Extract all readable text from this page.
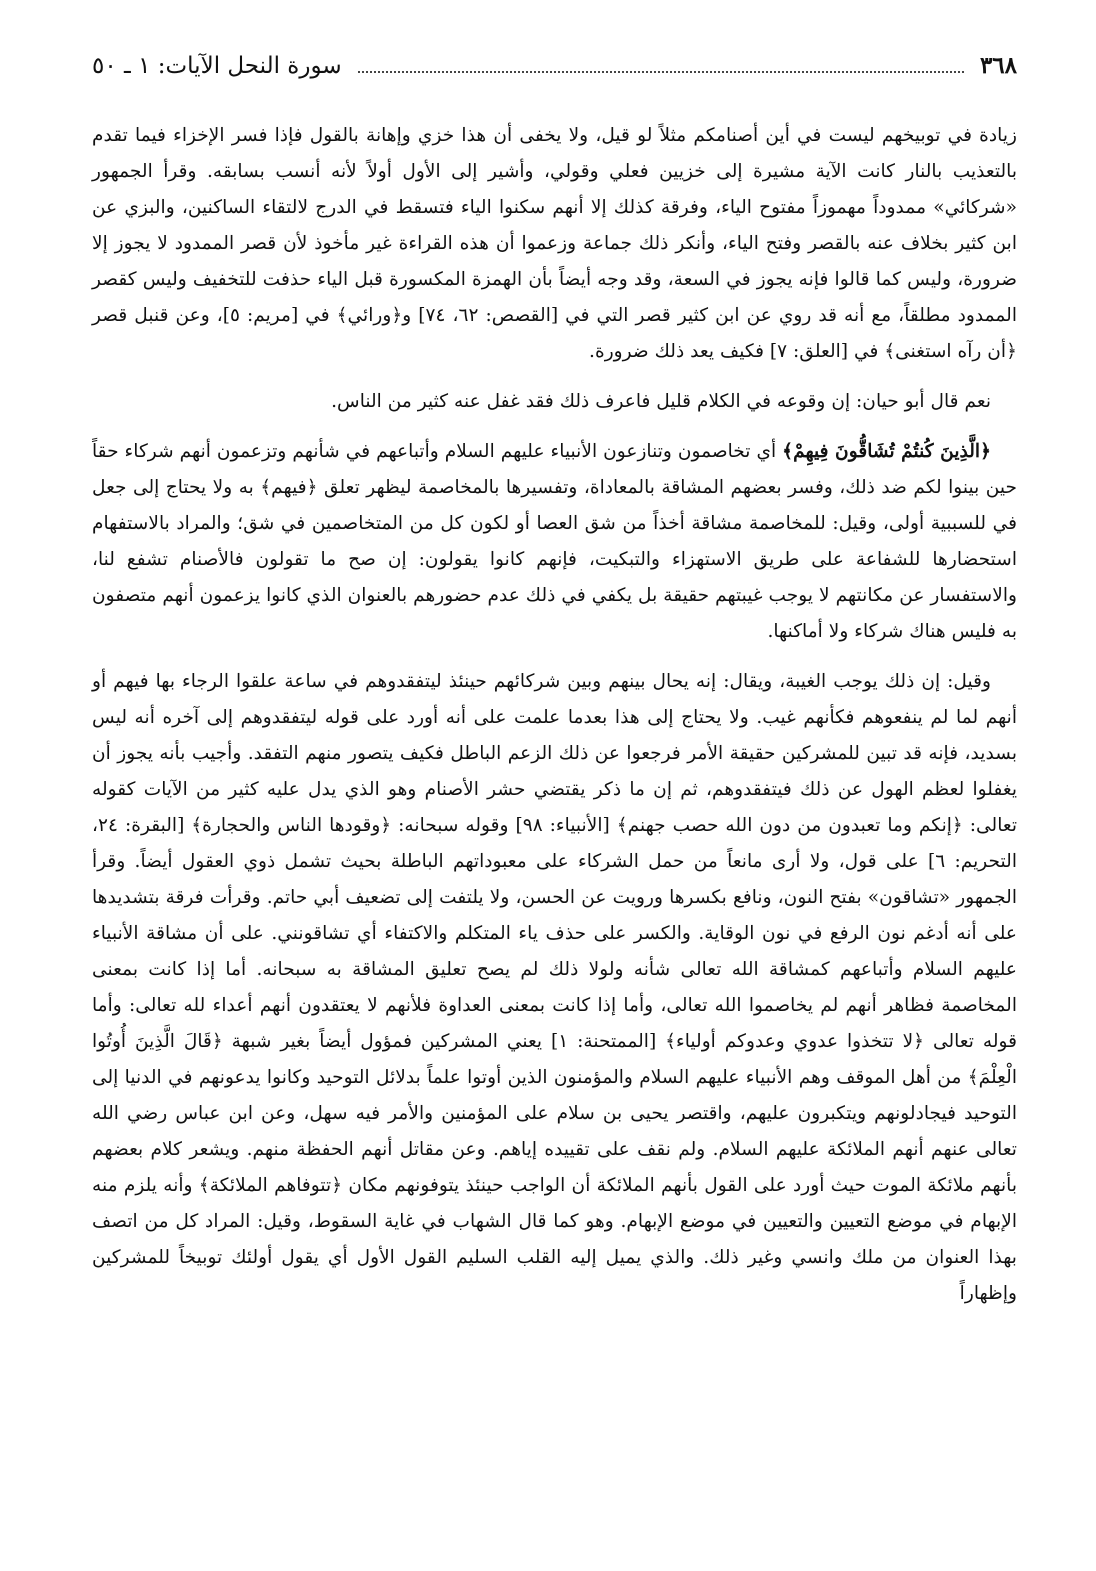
٣٦٨
سورة النحل الآيات: ١ ـ ٥٠

زيادة في توبيخهم ليست في أين أصنامكم مثلاً لو قيل، ولا يخفى أن هذا خزي وإهانة بالقول فإذا فسر الإخزاء فيما تقدم بالتعذيب بالنار كانت الآية مشيرة إلى خزيين فعلي وقولي، وأشير إلى الأول أولاً لأنه أنسب بسابقه. وقرأ الجمهور «شركائي» ممدوداً مهموزاً مفتوح الياء، وفرقة كذلك إلا أنهم سكنوا الياء فتسقط في الدرج لالتقاء الساكنين، والبزي عن ابن كثير بخلاف عنه بالقصر وفتح الياء، وأنكر ذلك جماعة وزعموا أن هذه القراءة غير مأخوذ لأن قصر الممدود لا يجوز إلا ضرورة، وليس كما قالوا فإنه يجوز في السعة، وقد وجه أيضاً بأن الهمزة المكسورة قبل الياء حذفت للتخفيف وليس كقصر الممدود مطلقاً، مع أنه قد روي عن ابن كثير قصر التي في [القصص: ٦٢، ٧٤] و﴿ورائي﴾ في [مريم: ٥]، وعن قنبل قصر ﴿أن رآه استغنى﴾ في [العلق: ٧] فكيف يعد ذلك ضرورة.

نعم قال أبو حيان: إن وقوعه في الكلام قليل فاعرف ذلك فقد غفل عنه كثير من الناس.

﴿الَّذِينَ كُنتُمْ تُشَاقُّونَ فِيهِمْ﴾ أي تخاصمون وتنازعون الأنبياء عليهم السلام وأتباعهم في شأنهم وتزعمون أنهم شركاء حقاً حين بينوا لكم ضد ذلك، وفسر بعضهم المشاقة بالمعاداة، وتفسيرها بالمخاصمة ليظهر تعلق ﴿فيهم﴾ به ولا يحتاج إلى جعل في للسببية أولى، وقيل: للمخاصمة مشاقة أخذاً من شق العصا أو لكون كل من المتخاصمين في شق؛ والمراد بالاستفهام استحضارها للشفاعة على طريق الاستهزاء والتبكيت، فإنهم كانوا يقولون: إن صح ما تقولون فالأصنام تشفع لنا، والاستفسار عن مكانتهم لا يوجب غيبتهم حقيقة بل يكفي في ذلك عدم حضورهم بالعنوان الذي كانوا يزعمون أنهم متصفون به فليس هناك شركاء ولا أماكنها.

وقيل: إن ذلك يوجب الغيبة، ويقال: إنه يحال بينهم وبين شركائهم حينئذ ليتفقدوهم في ساعة علقوا الرجاء بها فيهم أو أنهم لما لم ينفعوهم فكأنهم غيب. ولا يحتاج إلى هذا بعدما علمت على أنه أورد على قوله ليتفقدوهم إلى آخره أنه ليس بسديد، فإنه قد تبين للمشركين حقيقة الأمر فرجعوا عن ذلك الزعم الباطل فكيف يتصور منهم التفقد. وأجيب بأنه يجوز أن يغفلوا لعظم الهول عن ذلك فيتفقدوهم، ثم إن ما ذكر يقتضي حشر الأصنام وهو الذي يدل عليه كثير من الآيات كقوله تعالى: ﴿إنكم وما تعبدون من دون الله حصب جهنم﴾ [الأنبياء: ٩٨] وقوله سبحانه: ﴿وقودها الناس والحجارة﴾ [البقرة: ٢٤، التحريم: ٦] على قول، ولا أرى مانعاً من حمل الشركاء على معبوداتهم الباطلة بحيث تشمل ذوي العقول أيضاً. وقرأ الجمهور «تشاقون» بفتح النون، ونافع بكسرها ورويت عن الحسن، ولا يلتفت إلى تضعيف أبي حاتم. وقرأت فرقة بتشديدها على أنه أدغم نون الرفع في نون الوقاية. والكسر على حذف ياء المتكلم والاكتفاء أي تشاقونني. على أن مشاقة الأنبياء عليهم السلام وأتباعهم كمشاقة الله تعالى شأنه ولولا ذلك لم يصح تعليق المشاقة به سبحانه. أما إذا كانت بمعنى المخاصمة فظاهر أنهم لم يخاصموا الله تعالى، وأما إذا كانت بمعنى العداوة فلأنهم لا يعتقدون أنهم أعداء لله تعالى: وأما قوله تعالى ﴿لا تتخذوا عدوي وعدوكم أولياء﴾ [الممتحنة: ١] يعني المشركين فمؤول أيضاً بغير شبهة ﴿قَالَ الَّذِينَ أُوتُوا الْعِلْمَ﴾ من أهل الموقف وهم الأنبياء عليهم السلام والمؤمنون الذين أوتوا علماً بدلائل التوحيد وكانوا يدعونهم في الدنيا إلى التوحيد فيجادلونهم ويتكبرون عليهم، واقتصر يحيى بن سلام على المؤمنين والأمر فيه سهل، وعن ابن عباس رضي الله تعالى عنهم أنهم الملائكة عليهم السلام. ولم نقف على تقييده إياهم. وعن مقاتل أنهم الحفظة منهم. ويشعر كلام بعضهم بأنهم ملائكة الموت حيث أورد على القول بأنهم الملائكة أن الواجب حينئذ يتوفونهم مكان ﴿تتوفاهم الملائكة﴾ وأنه يلزم منه الإبهام في موضع التعيين والتعيين في موضع الإبهام. وهو كما قال الشهاب في غاية السقوط، وقيل: المراد كل من اتصف بهذا العنوان من ملك وانسي وغير ذلك. والذي يميل إليه القلب السليم القول الأول أي يقول أولئك توبيخاً للمشركين وإظهاراً
